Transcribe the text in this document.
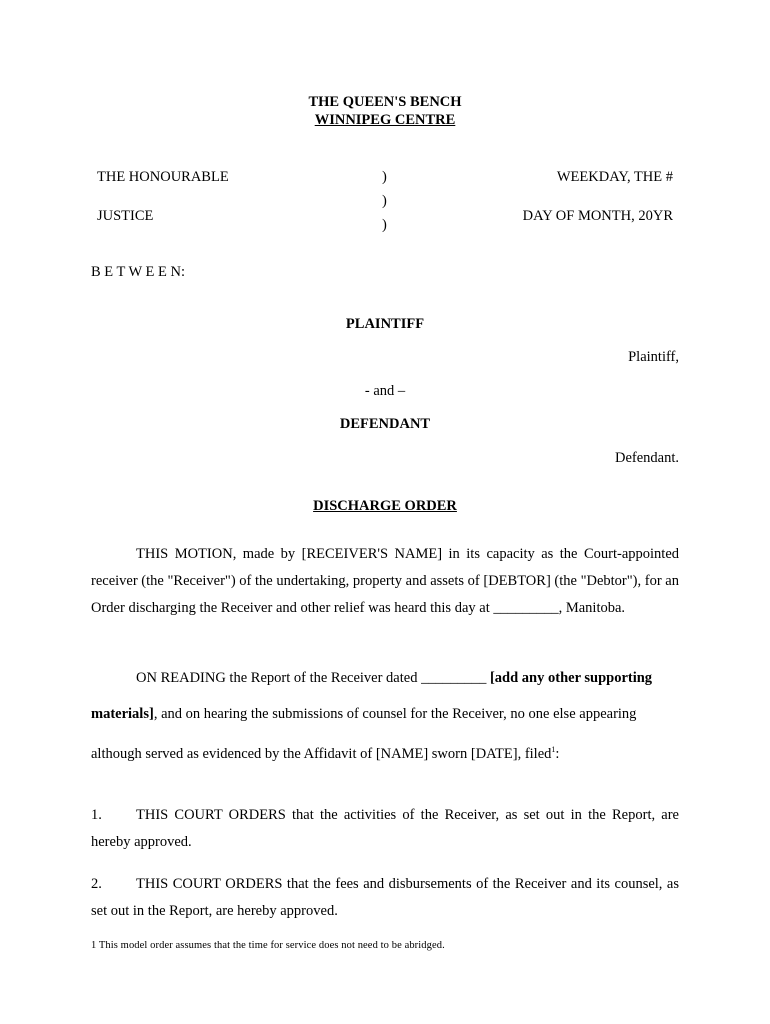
THE QUEEN'S BENCH
WINNIPEG CENTRE
THE HONOURABLE
JUSTICE
)
)
)
WEEKDAY, THE #
DAY OF MONTH, 20YR
B E T W E E N:
PLAINTIFF
Plaintiff,
- and –
DEFENDANT
Defendant.
DISCHARGE ORDER
THIS MOTION, made by [RECEIVER'S NAME] in its capacity as the Court-appointed receiver (the "Receiver") of the undertaking, property and assets of [DEBTOR] (the "Debtor"), for an Order discharging the Receiver and other relief was heard this day at _________, Manitoba.
ON READING the Report of the Receiver dated _________ [add any other supporting materials], and on hearing the submissions of counsel for the Receiver, no one else appearing although served as evidenced by the Affidavit of [NAME] sworn [DATE], filed$^1$:
1. THIS COURT ORDERS that the activities of the Receiver, as set out in the Report, are hereby approved.
2. THIS COURT ORDERS that the fees and disbursements of the Receiver and its counsel, as set out in the Report, are hereby approved.
1 This model order assumes that the time for service does not need to be abridged.
